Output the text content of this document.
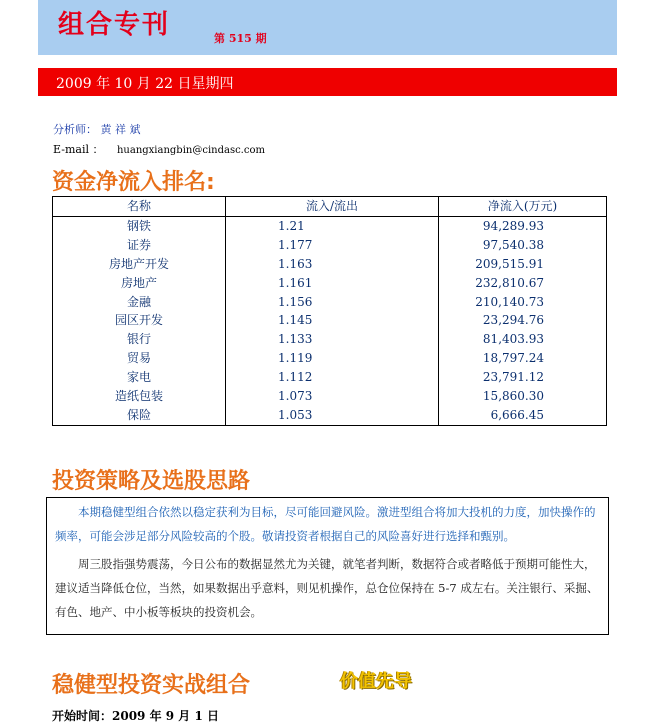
组合专刊	第 515 期
2009 年 10 月 22 日星期四
分析师： 黄 祥 斌
E-mail ： huangxiangbin@cindasc.com
资金净流入排名:
名称	流入/流出	净流入(万元)
钢铁	1.21	94,289.93
证券	1.177	97,540.38
房地产开发	1.163	209,515.91
房地产	1.161	232,810.67
金融	1.156	210,140.73
园区开发	1.145	23,294.76
银行	1.133	81,403.93
贸易	1.119	18,797.24
家电	1.112	23,791.12
造纸包装	1.073	15,860.30
保险	1.053	6,666.45
投资策略及选股思路

本期稳健型组合依然以稳定获利为目标，尽可能回避风险。激进型组合将加大投机的力度，加快操作的频率，可能会涉足部分风险较高的个股。敬请投资者根据自己的风险喜好进行选择和甄别。

周三股指强势震荡，今日公布的数据显然尤为关键，就笔者判断，数据符合或者略低于预期可能性大，建议适当降低仓位，当然，如果数据出乎意料，则见机操作，总仓位保持在 5-7 成左右。关注银行、采掘、有色、地产、中小板等板块的投资机会。

稳健型投资实战组合	价值先导
开始时间：2009 年 9 月 1 日
